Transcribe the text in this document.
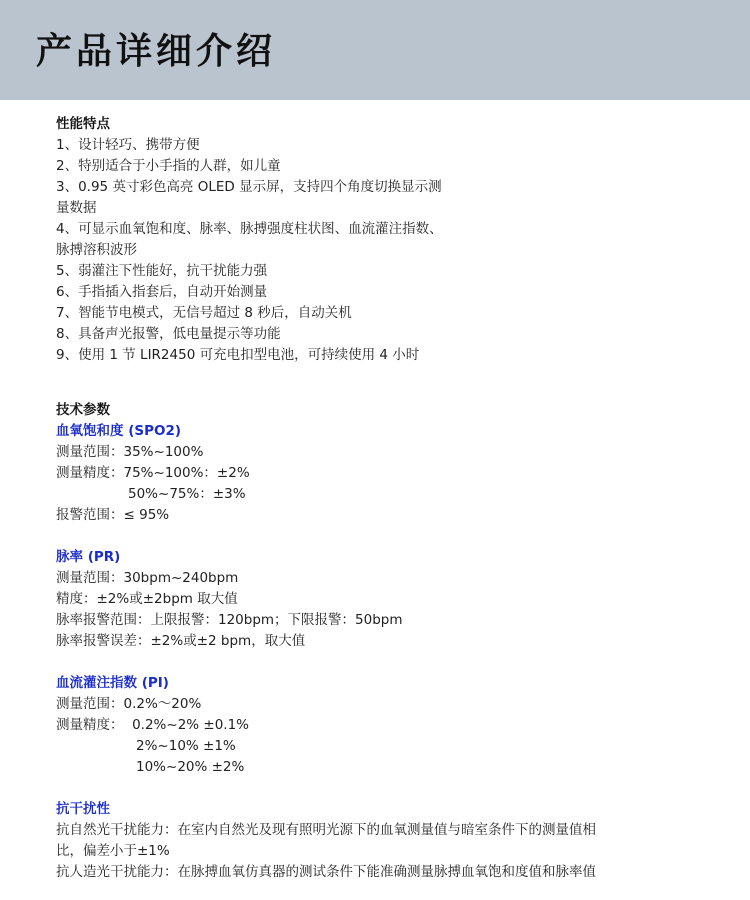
产品详细介绍
性能特点
1、设计轻巧、携带方便
2、特别适合于小手指的人群，如儿童
3、0.95 英寸彩色高亮 OLED 显示屏，支持四个角度切换显示测
量数据
4、可显示血氧饱和度、脉率、脉搏强度柱状图、血流灌注指数、
脉搏溶积波形
5、弱灌注下性能好，抗干扰能力强
6、手指插入指套后，自动开始测量
7、智能节电模式，无信号超过 8 秒后，自动关机
8、具备声光报警，低电量提示等功能
9、使用 1 节 LIR2450 可充电扣型电池，可持续使用 4 小时
技术参数
血氧饱和度 (SPO2)
测量范围：35%~100%
测量精度：75%~100%：±2%
50%~75%：±3%
报警范围：≤ 95%
脉率 (PR)
测量范围：30bpm~240bpm
精度：±2%或±2bpm 取大值
脉率报警范围：上限报警：120bpm；下限报警：50bpm
脉率报警误差：±2%或±2 bpm，取大值
血流灌注指数 (PI)
测量范围：0.2%～20%
测量精度：  0.2%~2% ±0.1%
2%~10% ±1%
10%~20% ±2%
抗干扰性
抗自然光干扰能力：在室内自然光及现有照明光源下的血氧测量值与暗室条件下的测量值相
比，偏差小于±1%
抗人造光干扰能力：在脉搏血氧仿真器的测试条件下能准确测量脉搏血氧饱和度值和脉率值
